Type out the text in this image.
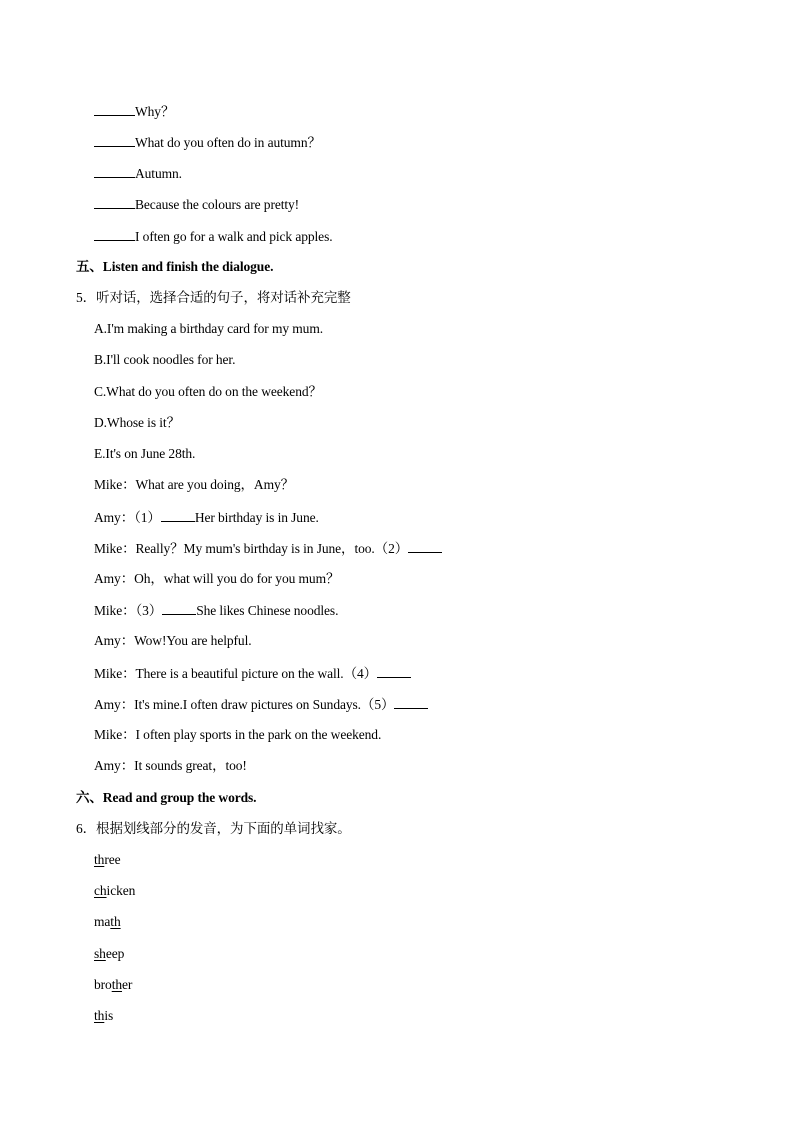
Why？
What do you often do in autumn？
Autumn.
Because the colours are pretty!
I often go for a walk and pick apples.
五、Listen and finish the dialogue.
5．听对话，选择合适的句子，将对话补充完整
A.I'm making a birthday card for my mum.
B.I'll cook noodles for her.
C.What do you often do on the weekend？
D.Whose is it？
E.It's on June 28th.
Mike：What are you doing，Amy？
Amy：（1）	Her birthday is in June.
Mike：Really？My mum's birthday is in June，too.（2）
Amy：Oh，what will you do for you mum？
Mike：（3）	She likes Chinese noodles.
Amy：Wow!You are helpful.
Mike：There is a beautiful picture on the wall.（4）
Amy：It's mine.I often draw pictures on Sundays.（5）
Mike：I often play sports in the park on the weekend.
Amy：It sounds great，too!
六、Read and group the words.
6．根据划线部分的发音，为下面的单词找家。
three
chicken
math
sheep
brother
this
